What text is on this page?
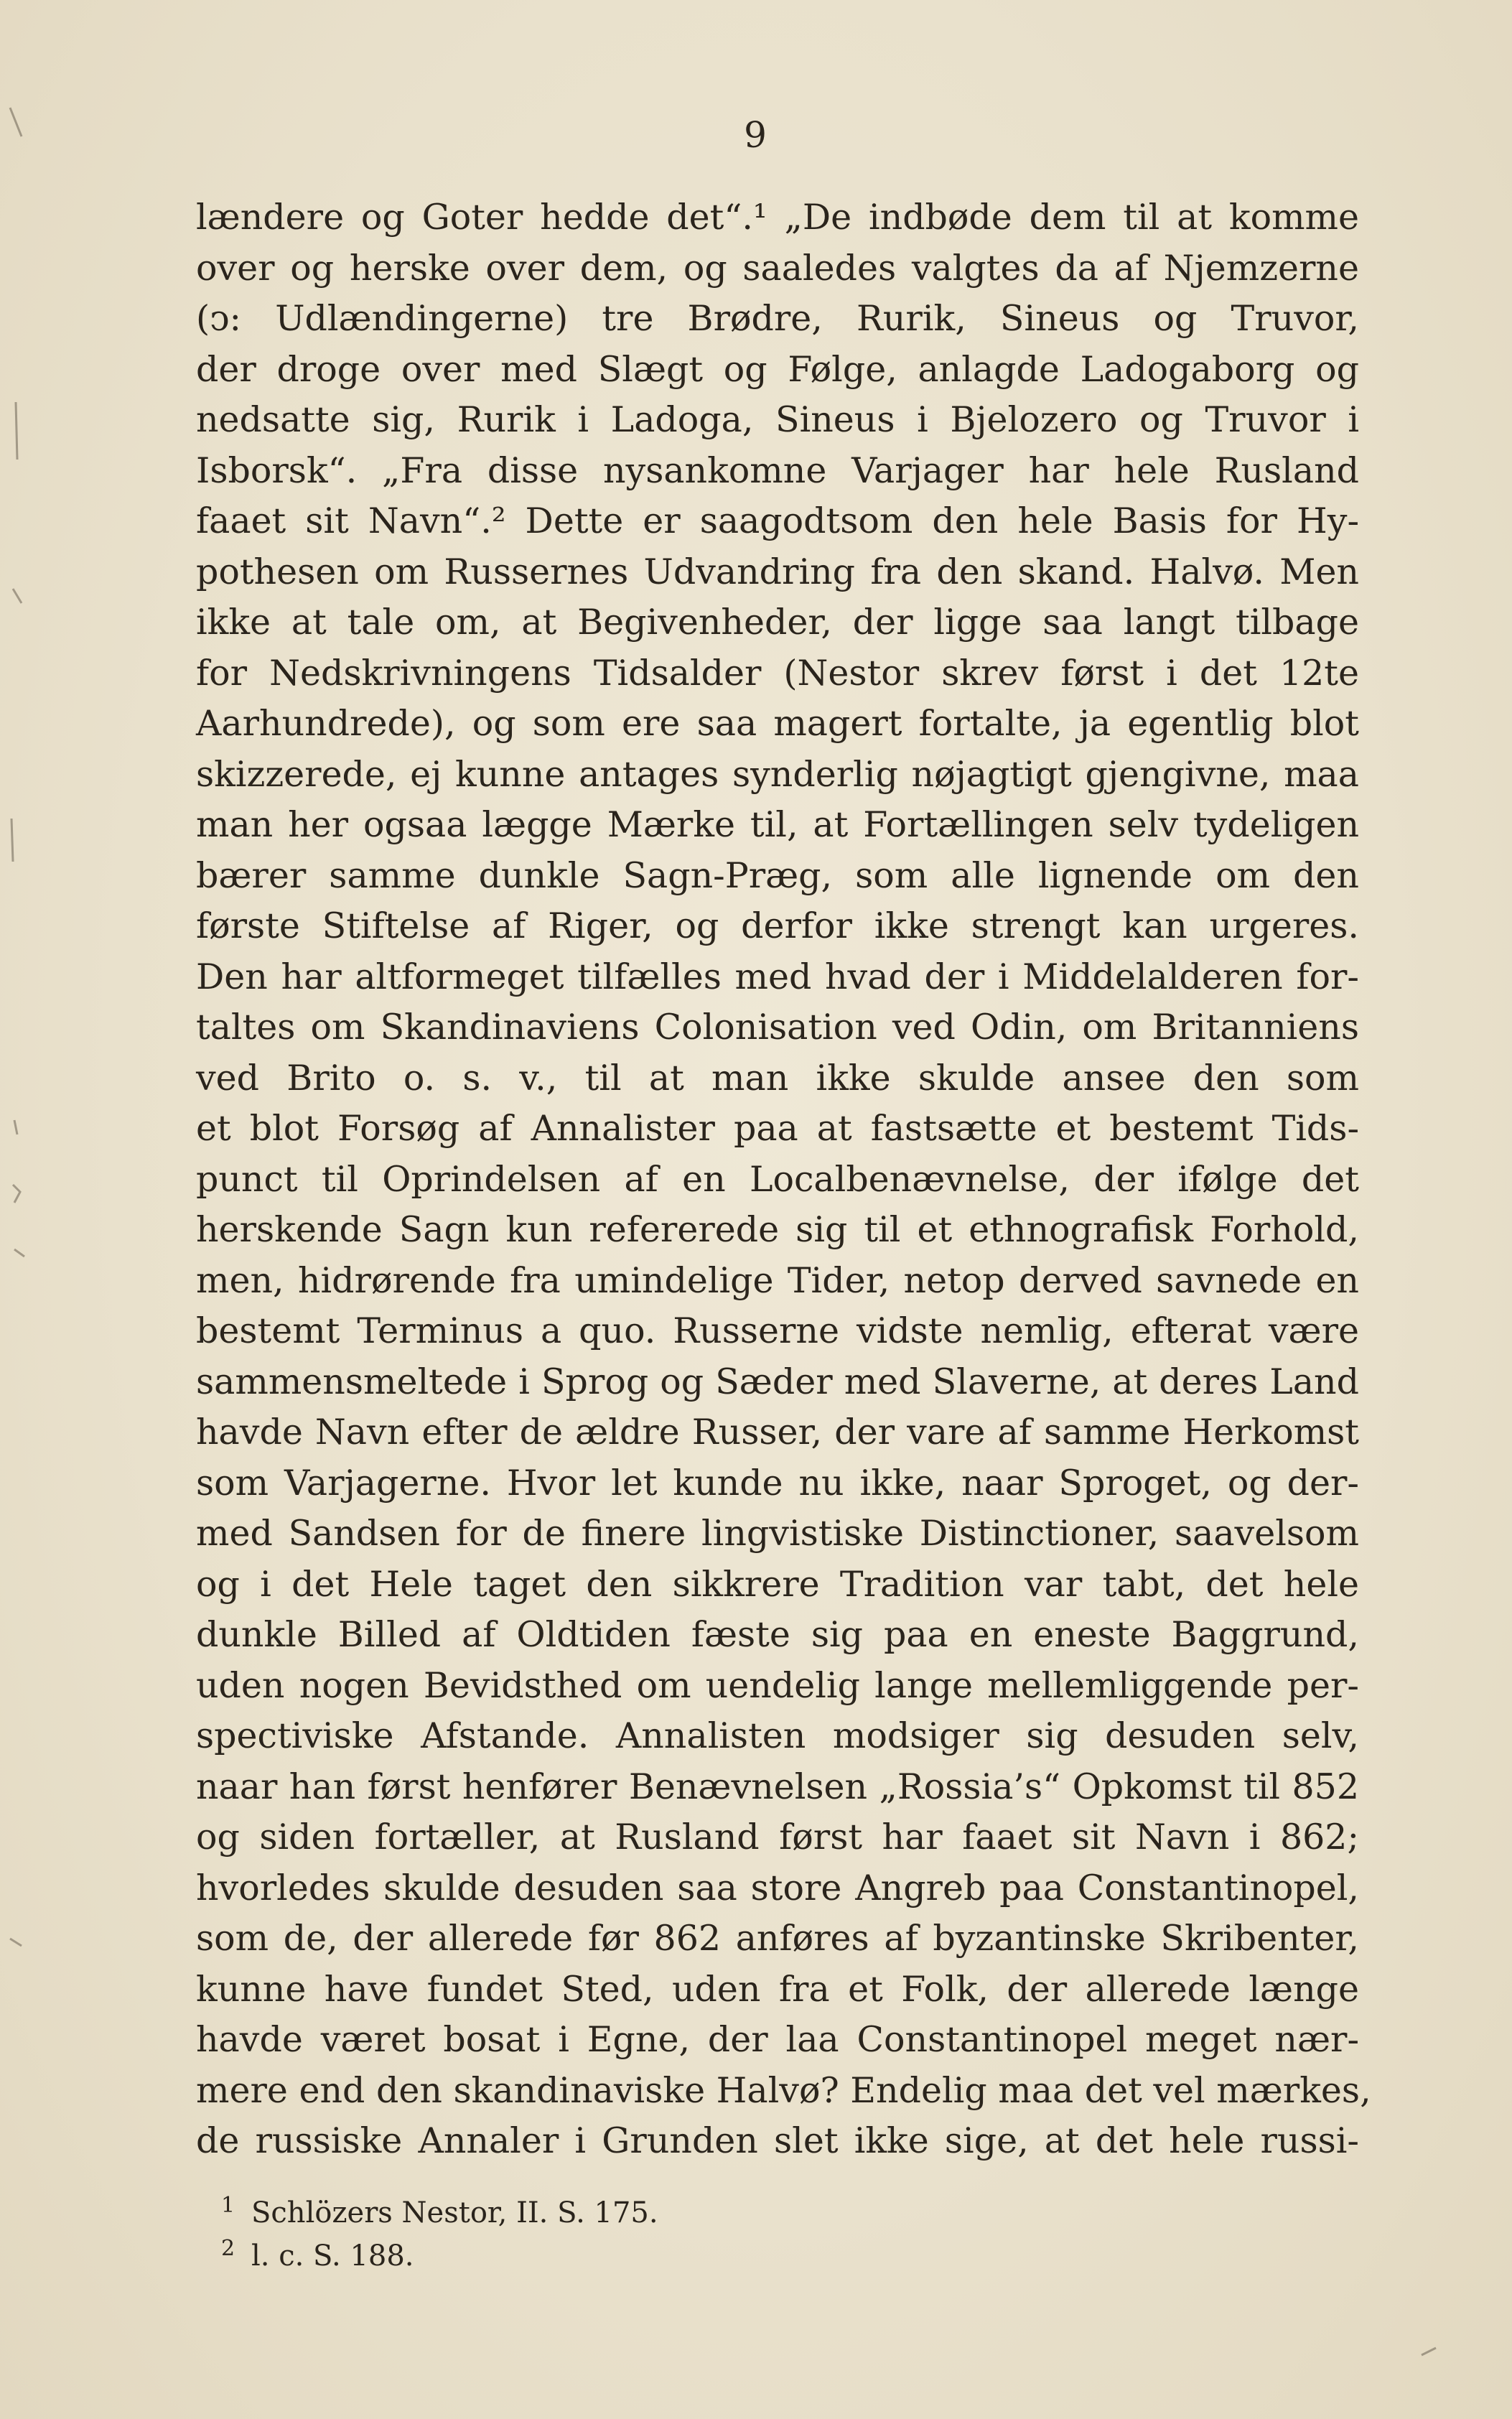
9
lændere og Goter hedde det“.¹ „De indbøde dem til at komme
over og herske over dem, og saaledes valgtes da af Njemzerne
(ↄ: Udlændingerne) tre Brødre, Rurik, Sineus og Truvor,
der droge over med Slægt og Følge, anlagde Ladogaborg og
nedsatte sig, Rurik i Ladoga, Sineus i Bjelozero og Truvor i
Isborsk“. „Fra disse nysankomne Varjager har hele Rusland
faaet sit Navn“.² Dette er saagodtsom den hele Basis for Hy-
pothesen om Russernes Udvandring fra den skand. Halvø. Men
ikke at tale om, at Begivenheder, der ligge saa langt tilbage
for Nedskrivningens Tidsalder (Nestor skrev først i det 12te
Aarhundrede), og som ere saa magert fortalte, ja egentlig blot
skizzerede, ej kunne antages synderlig nøjagtigt gjengivne, maa
man her ogsaa lægge Mærke til, at Fortællingen selv tydeligen
bærer samme dunkle Sagn-Præg, som alle lignende om den
første Stiftelse af Riger, og derfor ikke strengt kan urgeres.
Den har altformeget tilfælles med hvad der i Middelalderen for-
taltes om Skandinaviens Colonisation ved Odin, om Britanniens
ved Brito o. s. v., til at man ikke skulde ansee den som
et blot Forsøg af Annalister paa at fastsætte et bestemt Tids-
punct til Oprindelsen af en Localbenævnelse, der ifølge det
herskende Sagn kun refererede sig til et ethnografisk Forhold,
men, hidrørende fra umindelige Tider, netop derved savnede en
bestemt Terminus a quo. Russerne vidste nemlig, efterat være
sammensmeltede i Sprog og Sæder med Slaverne, at deres Land
havde Navn efter de ældre Russer, der vare af samme Herkomst
som Varjagerne. Hvor let kunde nu ikke, naar Sproget, og der-
med Sandsen for de finere lingvistiske Distinctioner, saavelsom
og i det Hele taget den sikkrere Tradition var tabt, det hele
dunkle Billed af Oldtiden fæste sig paa en eneste Baggrund,
uden nogen Bevidsthed om uendelig lange mellemliggende per-
spectiviske Afstande. Annalisten modsiger sig desuden selv,
naar han først henfører Benævnelsen „Rossia’s“ Opkomst til 852
og siden fortæller, at Rusland først har faaet sit Navn i 862;
hvorledes skulde desuden saa store Angreb paa Constantinopel,
som de, der allerede før 862 anføres af byzantinske Skribenter,
kunne have fundet Sted, uden fra et Folk, der allerede længe
havde været bosat i Egne, der laa Constantinopel meget nær-
mere end den skandinaviske Halvø? Endelig maa det vel mærkes,
de russiske Annaler i Grunden slet ikke sige, at det hele russi-
1 Schlözers Nestor, II. S. 175.
2 l. c. S. 188.
